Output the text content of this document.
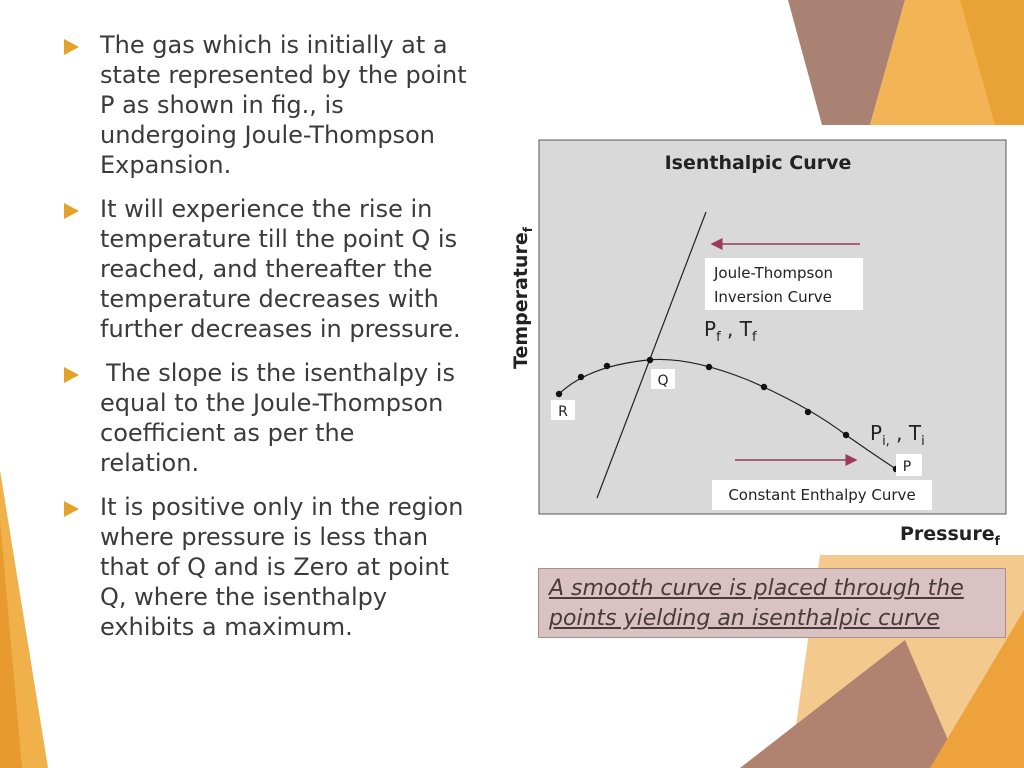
The gas which is initially at a
state represented by the point
P as shown in fig., is
undergoing Joule-Thompson
Expansion.
It will experience the rise in
temperature till the point Q is
reached, and thereafter the
temperature decreases with
further decreases in pressure.
The slope is the isenthalpy is
equal to the Joule-Thompson
coefficient as per the
relation.
It is positive only in the region
where pressure is less than
that of Q and is Zero at point
Q, where the isenthalpy
exhibits a maximum.
Isenthalpic Curve
Temperature$_f$
Pressure$_f$
R
Q
P
Joule-Thompson
Inversion Curve
$P_f$ , $T_f$
$P_{i,}$ , $T_i$
Constant Enthalpy Curve
A smooth curve is placed through the
points yielding an isenthalpic curve
